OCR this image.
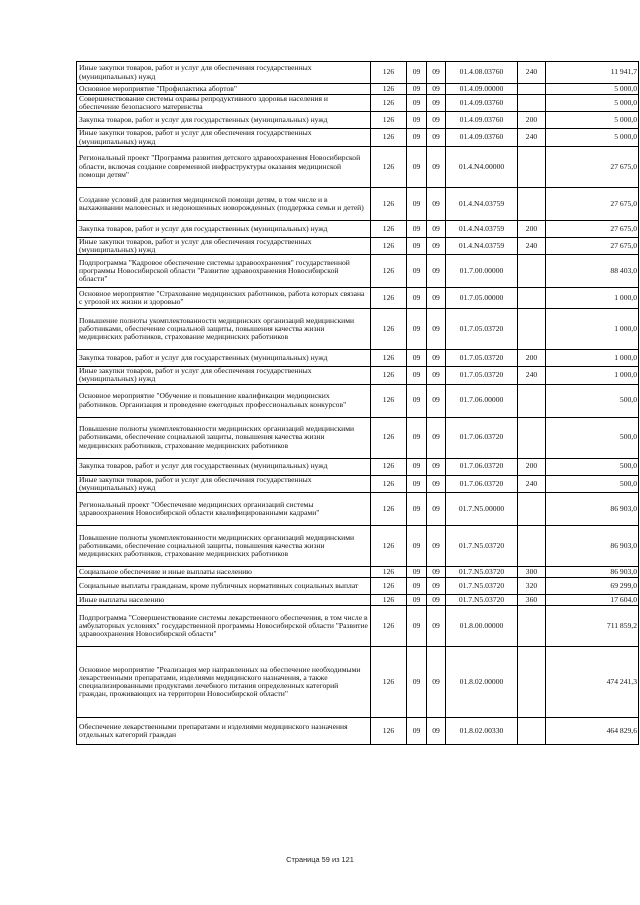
Иные закупки товаров, работ и услуг для обеспечения государственных (муниципальных) нужд	126	09	09	01.4.08.03760	240	11 941,7
Основное мероприятие "Профилактика абортов"	126	09	09	01.4.09.00000		5 000,0
Совершенствование системы охраны репродуктивного здоровья населения и обеспечение безопасного материнства	126	09	09	01.4.09.03760		5 000,0
Закупка товаров, работ и услуг для государственных (муниципальных) нужд	126	09	09	01.4.09.03760	200	5 000,0
Иные закупки товаров, работ и услуг для обеспечения государственных (муниципальных) нужд	126	09	09	01.4.09.03760	240	5 000,0
Региональный проект "Программа развития детского здравоохранения Новосибирской области, включая создание современной инфраструктуры оказания медицинской помощи детям"	126	09	09	01.4.N4.00000		27 675,0
Создание условий для развития медицинской помощи детям, в том числе и в выхаживании маловесных и недоношенных новорожденных (поддержка семьи и детей)	126	09	09	01.4.N4.03759		27 675,0
Закупка товаров, работ и услуг для государственных (муниципальных) нужд	126	09	09	01.4.N4.03759	200	27 675,0
Иные закупки товаров, работ и услуг для обеспечения государственных (муниципальных) нужд	126	09	09	01.4.N4.03759	240	27 675,0
Подпрограмма "Кадровое обеспечение системы здравоохранения" государственной программы Новосибирской области "Развитие здравоохранения Новосибирской области"	126	09	09	01.7.00.00000		88 403,0
Основное мероприятие "Страхование медицинских работников, работа которых связана с угрозой их жизни и здоровью"	126	09	09	01.7.05.00000		1 000,0
Повышение полноты укомплектованности медицинских организаций медицинскими работниками, обеспечение социальной защиты, повышения качества жизни медицинских работников, страхование медицинских работников	126	09	09	01.7.05.03720		1 000,0
Закупка товаров, работ и услуг для государственных (муниципальных) нужд	126	09	09	01.7.05.03720	200	1 000,0
Иные закупки товаров, работ и услуг для обеспечения государственных (муниципальных) нужд	126	09	09	01.7.05.03720	240	1 000,0
Основное мероприятие "Обучение и повышение квалификации медицинских работников. Организация и проведение ежегодных профессиональных конкурсов"	126	09	09	01.7.06.00000		500,0
Повышение полноты укомплектованности медицинских организаций медицинскими работниками, обеспечение социальной защиты, повышения качества жизни медицинских работников, страхование медицинских работников	126	09	09	01.7.06.03720		500,0
Закупка товаров, работ и услуг для государственных (муниципальных) нужд	126	09	09	01.7.06.03720	200	500,0
Иные закупки товаров, работ и услуг для обеспечения государственных (муниципальных) нужд	126	09	09	01.7.06.03720	240	500,0
Региональный проект "Обеспечение медицинских организаций системы здравоохранения Новосибирской области квалифицированными кадрами"	126	09	09	01.7.N5.00000		86 903,0
Повышение полноты укомплектованности медицинских организаций медицинскими работниками, обеспечение социальной защиты, повышения качества жизни медицинских работников, страхование медицинских работников	126	09	09	01.7.N5.03720		86 903,0
Социальное обеспечение и иные выплаты населению	126	09	09	01.7.N5.03720	300	86 903,0
Социальные выплаты гражданам, кроме публичных нормативных социальных выплат	126	09	09	01.7.N5.03720	320	69 299,0
Иные выплаты населению	126	09	09	01.7.N5.03720	360	17 604,0
Подпрограмма "Совершенствование системы лекарственного обеспечения, в том числе в амбулаторных условиях" государственной программы Новосибирской области "Развитие здравоохранения Новосибирской области"	126	09	09	01.8.00.00000		711 859,2
Основное мероприятие "Реализация мер направленных на обеспечение необходимыми лекарственными препаратами, изделиями медицинского назначения, а также специализированными продуктами лечебного питания определенных категорий граждан, проживающих на территории Новосибирской области"	126	09	09	01.8.02.00000		474 241,3
Обеспечение лекарственными препаратами и изделиями медицинского назначения отдельных категорий граждан	126	09	09	01.8.02.00330		464 829,6
Страница 59 из 121
